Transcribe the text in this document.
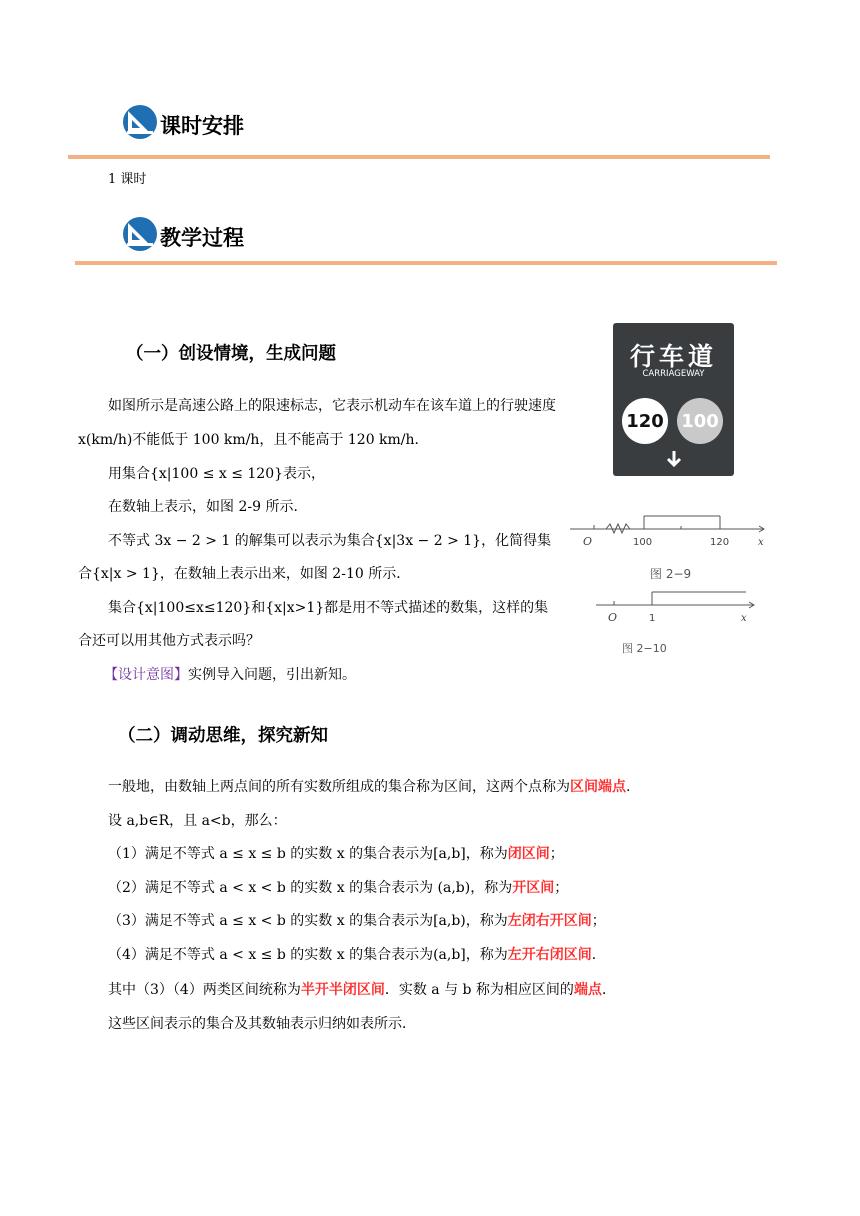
课时安排
1 课时
教学过程
（一）创设情境，生成问题
如图所示是高速公路上的限速标志，它表示机动车在该车道上的行驶速度
x(km/h)不能低于 100 km/h，且不能高于 120 km/h．
用集合{x|100 ≤ x ≤ 120}表示，
在数轴上表示，如图 2-9 所示．
不等式 3x − 2 > 1 的解集可以表示为集合{x|3x − 2 > 1}，化简得集
合{x|x > 1}，在数轴上表示出来，如图 2-10 所示．
集合{x|100≤x≤120}和{x|x>1}都是用不等式描述的数集，这样的集
合还可以用其他方式表示吗？
【设计意图】实例导入问题，引出新知。
行车道
CARRIAGEWAY
120 100
O	100	120	x
图 2−9
O	1	x
图 2−10
（二）调动思维，探究新知
一般地，由数轴上两点间的所有实数所组成的集合称为区间，这两个点称为区间端点.
设 a,b∈R，且 a<b，那么：
（1）满足不等式 a ≤ x ≤ b 的实数 x 的集合表示为[a,b]，称为闭区间；
（2）满足不等式 a < x < b 的实数 x 的集合表示为 (a,b)，称为开区间；
（3）满足不等式 a ≤ x < b 的实数 x 的集合表示为[a,b)，称为左闭右开区间；
（4）满足不等式 a < x ≤ b 的实数 x 的集合表示为(a,b]，称为左开右闭区间．
其中（3）（4）两类区间统称为半开半闭区间．实数 a 与 b 称为相应区间的端点．
这些区间表示的集合及其数轴表示归纳如表所示．
